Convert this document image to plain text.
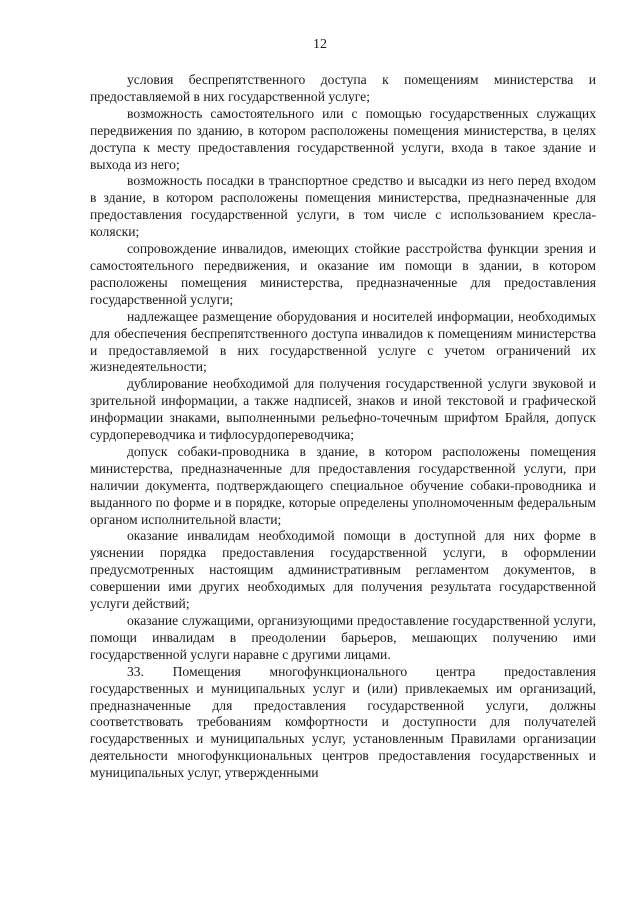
12

условия беспрепятственного доступа к помещениям министерства и предоставляемой в них государственной услуге;

возможность самостоятельного или с помощью государственных служащих передвижения по зданию, в котором расположены помещения министерства, в целях доступа к месту предоставления государственной услуги, входа в такое здание и выхода из него;

возможность посадки в транспортное средство и высадки из него перед входом в здание, в котором расположены помещения министерства, предназначенные для предоставления государственной услуги, в том числе с использованием кресла-коляски;

сопровождение инвалидов, имеющих стойкие расстройства функции зрения и самостоятельного передвижения, и оказание им помощи в здании, в котором расположены помещения министерства, предназначенные для предоставления государственной услуги;

надлежащее размещение оборудования и носителей информации, необходимых для обеспечения беспрепятственного доступа инвалидов к помещениям министерства и предоставляемой в них государственной услуге с учетом ограничений их жизнедеятельности;

дублирование необходимой для получения государственной услуги звуковой и зрительной информации, а также надписей, знаков и иной текстовой и графической информации знаками, выполненными рельефно-точечным шрифтом Брайля, допуск сурдопереводчика и тифлосурдопереводчика;

допуск собаки-проводника в здание, в котором расположены помещения министерства, предназначенные для предоставления государственной услуги, при наличии документа, подтверждающего специальное обучение собаки-проводника и выданного по форме и в порядке, которые определены уполномоченным федеральным органом исполнительной власти;

оказание инвалидам необходимой помощи в доступной для них форме в уяснении порядка предоставления государственной услуги, в оформлении предусмотренных настоящим административным регламентом документов, в совершении ими других необходимых для получения результата государственной услуги действий;

оказание служащими, организующими предоставление государственной услуги, помощи инвалидам в преодолении барьеров, мешающих получению ими государственной услуги наравне с другими лицами.

33. Помещения многофункционального центра предоставления государственных и муниципальных услуг и (или) привлекаемых им организаций, предназначенные для предоставления государственной услуги, должны соответствовать требованиям комфортности и доступности для получателей государственных и муниципальных услуг, установленным Правилами организации деятельности многофункциональных центров предоставления государственных и муниципальных услуг, утвержденными
